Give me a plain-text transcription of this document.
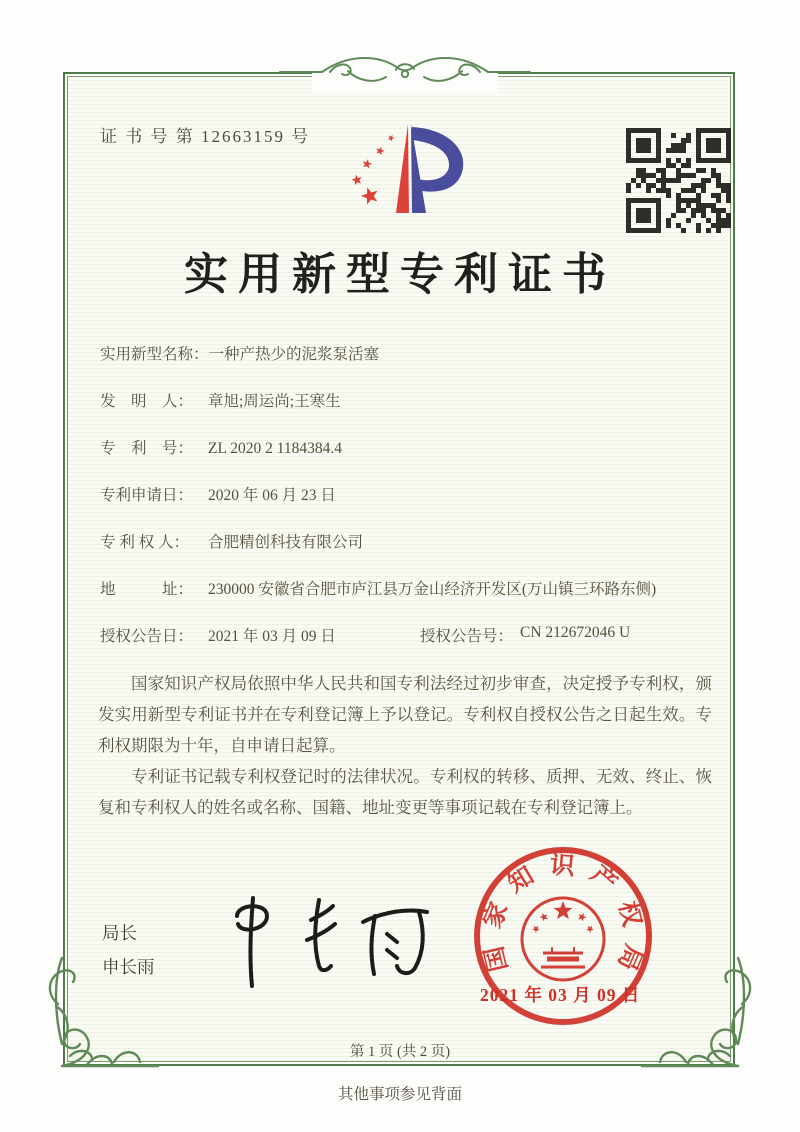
证 书 号 第 12663159 号
实用新型专利证书
实用新型名称： 一种产热少的泥浆泵活塞
发　明　人： 章旭;周运尚;王寒生
专　利　号： ZL 2020 2 1184384.4
专利申请日： 2020 年 06 月 23 日
专 利 权 人：	合肥精创科技有限公司
地　　　址： 230000 安徽省合肥市庐江县万金山经济开发区(万山镇三环路东侧)
授权公告日： 2021 年 03 月 09 日	授权公告号： CN 212672046 U

国家知识产权局依照中华人民共和国专利法经过初步审查，决定授予专利权，颁发实用新型专利证书并在专利登记簿上予以登记。专利权自授权公告之日起生效。专利权期限为十年，自申请日起算。

专利证书记载专利权登记时的法律状况。专利权的转移、质押、无效、终止、恢复和专利权人的姓名或名称、国籍、地址变更等事项记载在专利登记簿上。

局长
申长雨	国家知识产权局
2021 年 03 月 09 日
第 1 页 (共 2 页)
其他事项参见背面
